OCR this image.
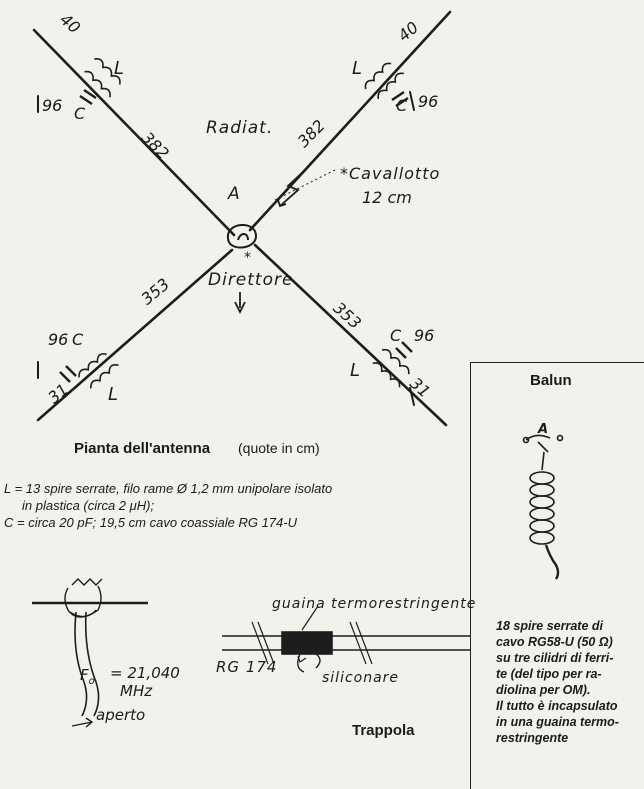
40
96
40
96
96
31
96
31
382	382
353
353
L
C
L
C
L
C
L
C
A
*
Radiat.
Direttore
*Cavallotto
12 cm
Pianta dell'antenna (quote in cm)
L = 13 spire serrate, filo rame Ø 1,2 mm unipolare isolato
in plastica (circa 2 μH);
C = circa 20 pF; 19,5 cm cavo coassiale RG 174-U
$F_o = 21,040$
MHz
aperto
guaina termorestringente
RG 174
siliconare
Trappola
Balun
A
18 spire serrate di
cavo RG58-U (50 Ω)
su tre cilidri di ferri-
te (del tipo per ra-
diolina per OM).
Il tutto è incapsulato
in una guaina termo-
restringente
